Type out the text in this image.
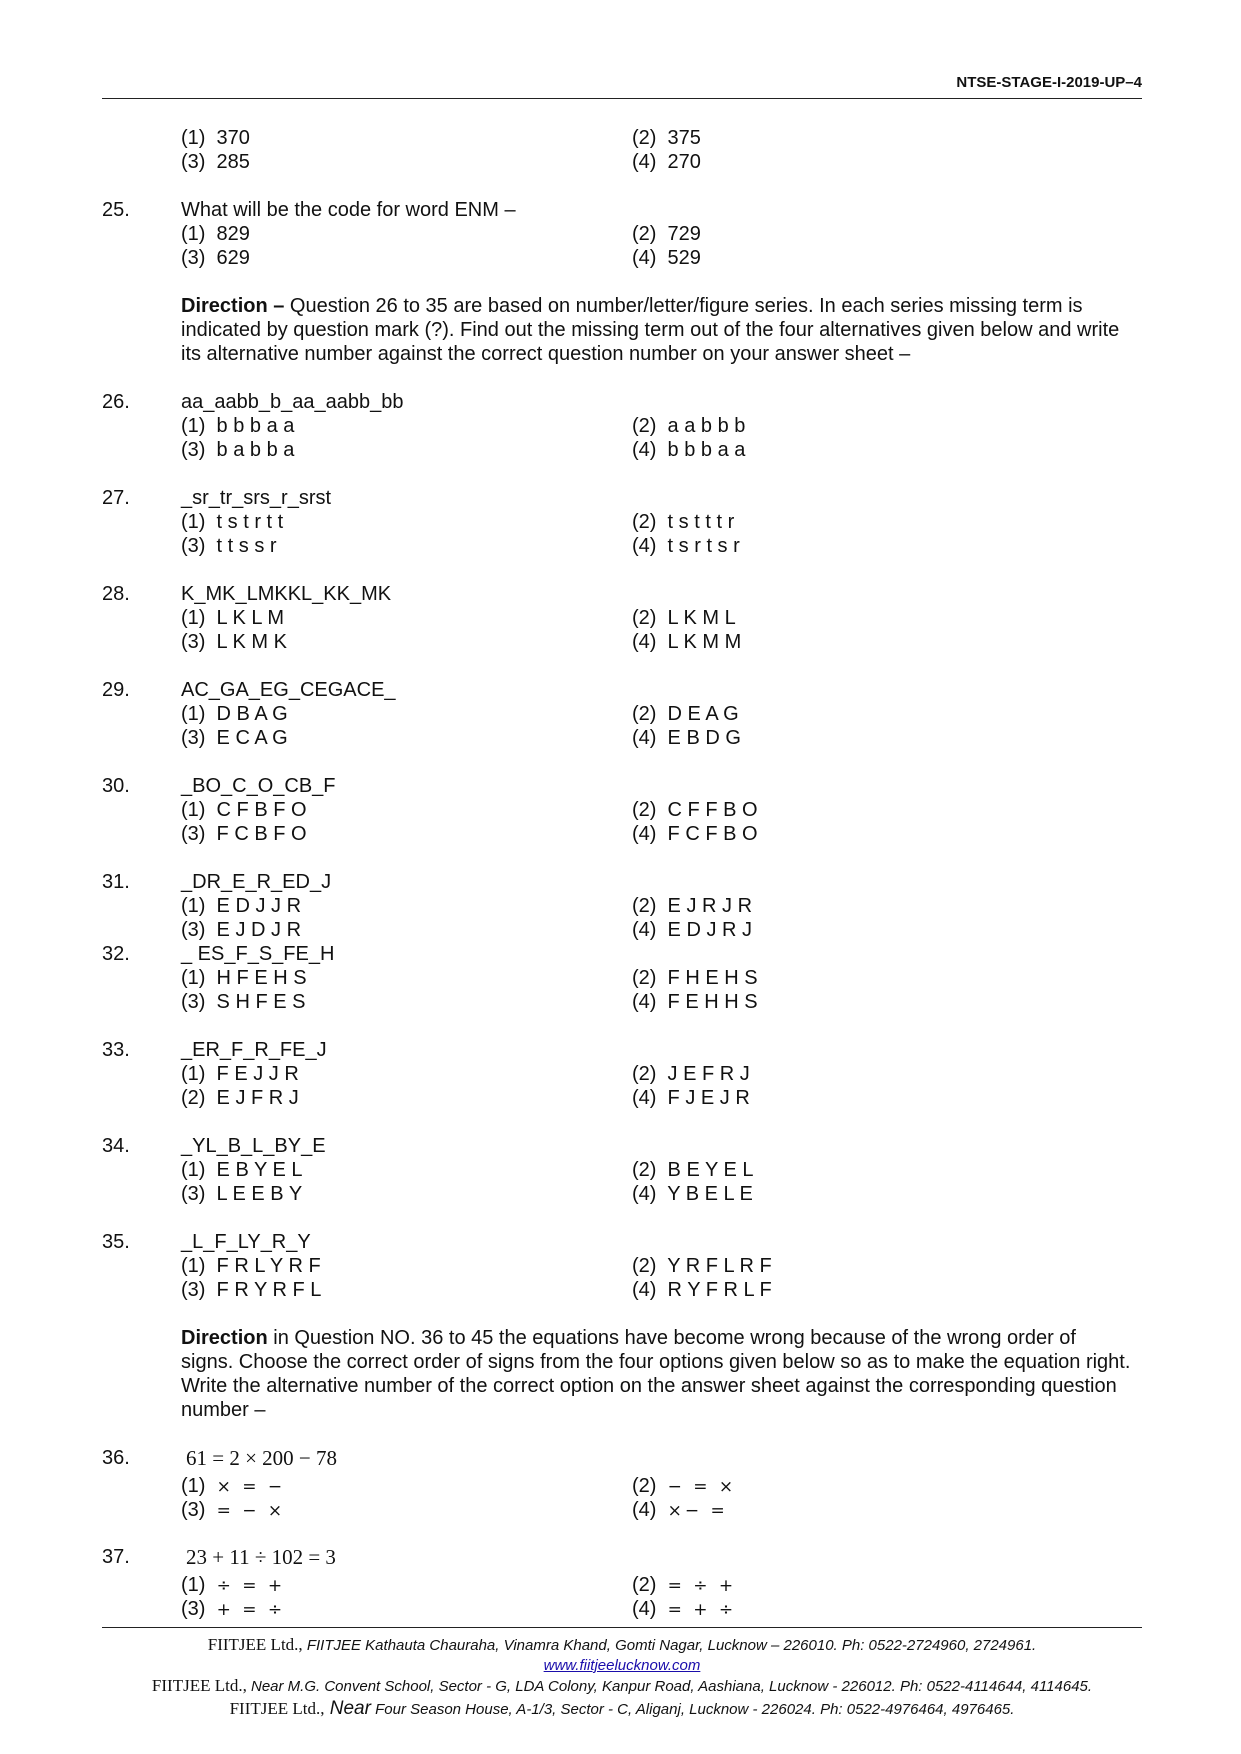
NTSE-STAGE-I-2019-UP–4
(1)  370	(2)  375
(3)  285	(4)  270
25.	What will be the code for word ENM –
(1)  829	(2)  729
(3)  629	(4)  529
Direction – Question 26 to 35 are based on number/letter/figure series. In each series missing term is indicated by question mark (?). Find out the missing term out of the four alternatives given below and write its alternative number against the correct question number on your answer sheet –
26.	aa_aabb_b_aa_aabb_bb
(1)  b b b a a	(2)  a a b b b
(3)  b a b b a	(4)  b b b a a
27.	_sr_tr_srs_r_srst
(1)  t s t r t t	(2)  t s t t t r
(3)  t t s s r	(4)  t s r t s r
28.	K_MK_LMKKL_KK_MK
(1)  L K L M	(2)  L K M L
(3)  L K M K	(4)  L K M M
29.	AC_GA_EG_CEGACE_
(1)  D B A G	(2)  D E A G
(3)  E C A G	(4)  E B D G
30.	_BO_C_O_CB_F
(1)  C F B F O	(2)  C F F B O
(3)  F C B F O	(4)  F C F B O
31.	_DR_E_R_ED_J
(1)  E D J J R	(2)  E J R J R
(3)  E J D J R	(4)  E D J R J
32.	_ ES_F_S_FE_H
(1)  H F E H S	(2)  F H E H S
(3)  S H F E S	(4)  F E H H S
33.	_ER_F_R_FE_J
(1)  F E J J R	(2)  J E F R J
(2)  E J F R J	(4)  F J E J R
34.	_YL_B_L_BY_E
(1)  E B Y E L	(2)  B E Y E L
(3)  L E E B Y	(4)  Y B E L E
35.	_L_F_LY_R_Y
(1)  F R L Y R F	(2)  Y R F L R F
(3)  F R Y R F L	(4)  R Y F R L F
Direction in Question NO. 36 to 45 the equations have become wrong because of the wrong order of signs. Choose the correct order of signs from the four options given below so as to make the equation right. Write the alternative number of the correct option on the answer sheet against the corresponding question number –
36.	61 = 2 × 200 − 78
(1) × = −	(2) − = ×
(3) = − ×	(4) ×− =
37.	23 + 11 ÷ 102 = 3
(1) ÷ = +	(2) = ÷ +
(3) + = ÷	(4) = + ÷
FIITJEE Ltd., FIITJEE Kathauta Chauraha, Vinamra Khand, Gomti Nagar, Lucknow – 226010. Ph: 0522-2724960, 2724961.
www.fiitjeelucknow.com
FIITJEE Ltd., Near M.G. Convent School, Sector - G, LDA Colony, Kanpur Road, Aashiana, Lucknow - 226012. Ph: 0522-4114644, 4114645.
FIITJEE Ltd., Near Four Season House, A-1/3, Sector - C, Aliganj, Lucknow - 226024. Ph: 0522-4976464, 4976465.
